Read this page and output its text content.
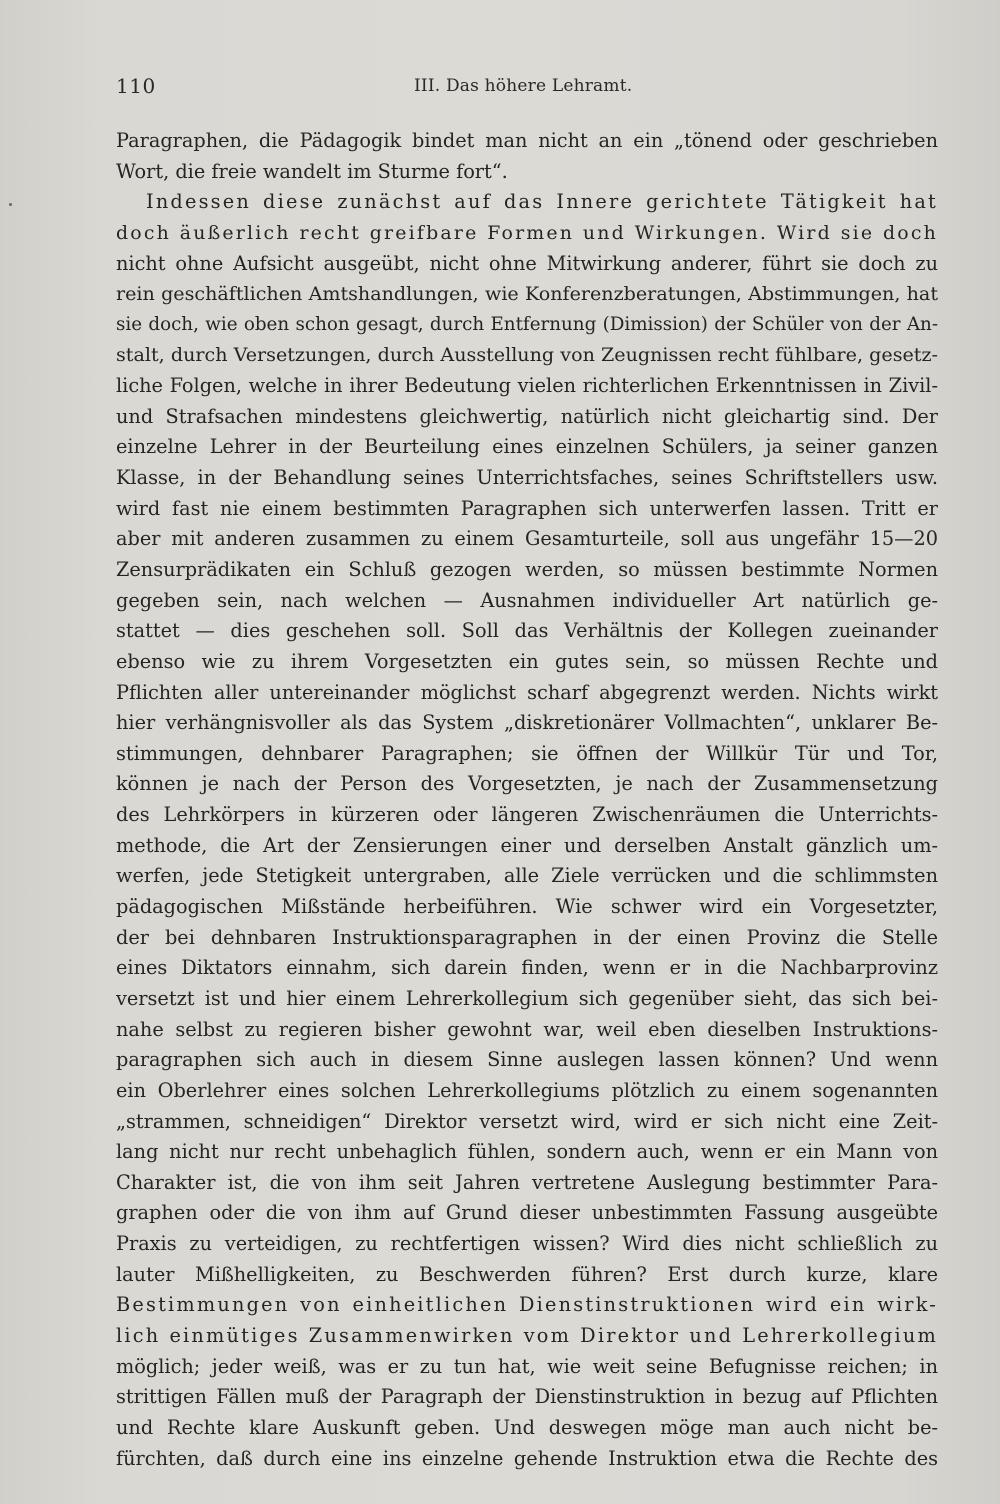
110	III. Das höhere Lehramt.
Paragraphen, die Pädagogik bindet man nicht an ein „tönend oder geschrieben
Wort, die freie wandelt im Sturme fort“.
Indessen diese zunächst auf das Innere gerichtete Tätigkeit hat
doch äußerlich recht greifbare Formen und Wirkungen. Wird sie doch
nicht ohne Aufsicht ausgeübt, nicht ohne Mitwirkung anderer, führt sie doch zu
rein geschäftlichen Amtshandlungen, wie Konferenzberatungen, Abstimmungen, hat
sie doch, wie oben schon gesagt, durch Entfernung (Dimission) der Schüler von der An-
stalt, durch Versetzungen, durch Ausstellung von Zeugnissen recht fühlbare, gesetz-
liche Folgen, welche in ihrer Bedeutung vielen richterlichen Erkenntnissen in Zivil-
und Strafsachen mindestens gleichwertig, natürlich nicht gleichartig sind. Der
einzelne Lehrer in der Beurteilung eines einzelnen Schülers, ja seiner ganzen
Klasse, in der Behandlung seines Unterrichtsfaches, seines Schriftstellers usw.
wird fast nie einem bestimmten Paragraphen sich unterwerfen lassen. Tritt er
aber mit anderen zusammen zu einem Gesamturteile, soll aus ungefähr 15—20
Zensurprädikaten ein Schluß gezogen werden, so müssen bestimmte Normen
gegeben sein, nach welchen — Ausnahmen individueller Art natürlich ge-
stattet — dies geschehen soll. Soll das Verhältnis der Kollegen zueinander
ebenso wie zu ihrem Vorgesetzten ein gutes sein, so müssen Rechte und
Pflichten aller untereinander möglichst scharf abgegrenzt werden. Nichts wirkt
hier verhängnisvoller als das System „diskretionärer Vollmachten“, unklarer Be-
stimmungen, dehnbarer Paragraphen; sie öffnen der Willkür Tür und Tor,
können je nach der Person des Vorgesetzten, je nach der Zusammensetzung
des Lehrkörpers in kürzeren oder längeren Zwischenräumen die Unterrichts-
methode, die Art der Zensierungen einer und derselben Anstalt gänzlich um-
werfen, jede Stetigkeit untergraben, alle Ziele verrücken und die schlimmsten
pädagogischen Mißstände herbeiführen. Wie schwer wird ein Vorgesetzter,
der bei dehnbaren Instruktionsparagraphen in der einen Provinz die Stelle
eines Diktators einnahm, sich darein finden, wenn er in die Nachbarprovinz
versetzt ist und hier einem Lehrerkollegium sich gegenüber sieht, das sich bei-
nahe selbst zu regieren bisher gewohnt war, weil eben dieselben Instruktions-
paragraphen sich auch in diesem Sinne auslegen lassen können? Und wenn
ein Oberlehrer eines solchen Lehrerkollegiums plötzlich zu einem sogenannten
„strammen, schneidigen“ Direktor versetzt wird, wird er sich nicht eine Zeit-
lang nicht nur recht unbehaglich fühlen, sondern auch, wenn er ein Mann von
Charakter ist, die von ihm seit Jahren vertretene Auslegung bestimmter Para-
graphen oder die von ihm auf Grund dieser unbestimmten Fassung ausgeübte
Praxis zu verteidigen, zu rechtfertigen wissen? Wird dies nicht schließlich zu
lauter Mißhelligkeiten, zu Beschwerden führen? Erst durch kurze, klare
Bestimmungen von einheitlichen Dienstinstruktionen wird ein wirk-
lich einmütiges Zusammenwirken vom Direktor und Lehrerkollegium
möglich; jeder weiß, was er zu tun hat, wie weit seine Befugnisse reichen; in
strittigen Fällen muß der Paragraph der Dienstinstruktion in bezug auf Pflichten
und Rechte klare Auskunft geben. Und deswegen möge man auch nicht be-
fürchten, daß durch eine ins einzelne gehende Instruktion etwa die Rechte des
